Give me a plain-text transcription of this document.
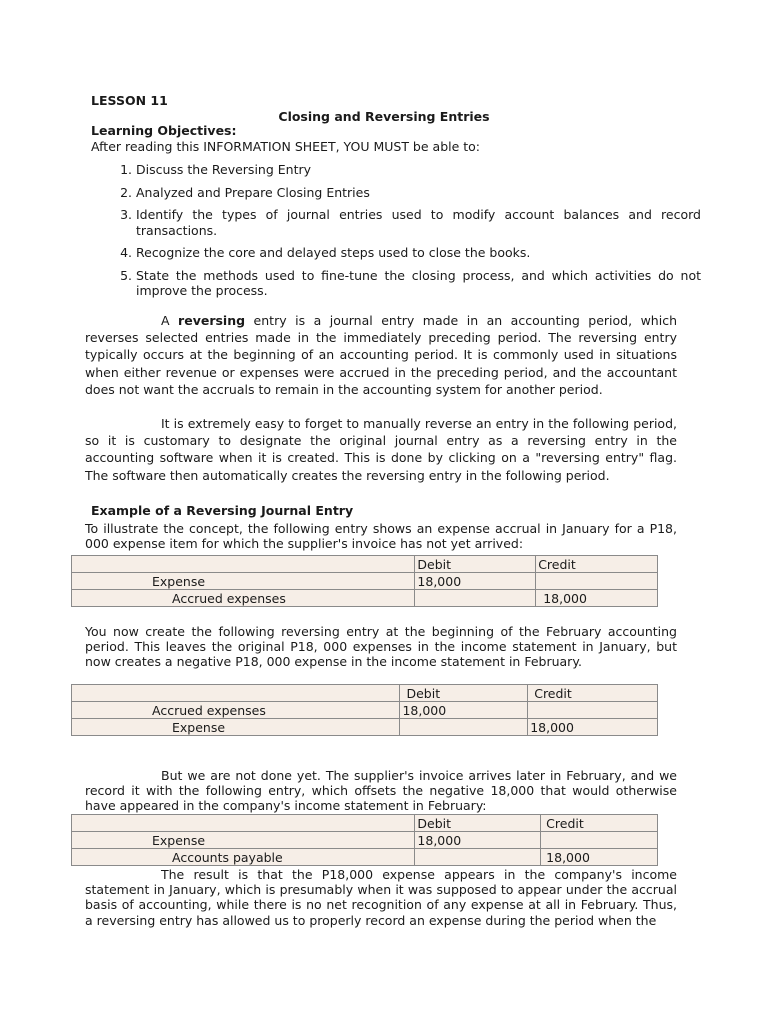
LESSON 11
Closing and Reversing Entries
Learning Objectives:
After reading this INFORMATION SHEET, YOU MUST be able to:
1. Discuss the Reversing Entry
2. Analyzed and Prepare Closing Entries
3. Identify the types of journal entries used to modify account balances and record transactions.
4. Recognize the core and delayed steps used to close the books.
5. State the methods used to fine-tune the closing process, and which activities do not improve the process.

A reversing entry is a journal entry made in an accounting period, which reverses selected entries made in the immediately preceding period. The reversing entry typically occurs at the beginning of an accounting period. It is commonly used in situations when either revenue or expenses were accrued in the preceding period, and the accountant does not want the accruals to remain in the accounting system for another period.

It is extremely easy to forget to manually reverse an entry in the following period, so it is customary to designate the original journal entry as a reversing entry in the accounting software when it is created. This is done by clicking on a "reversing entry" flag. The software then automatically creates the reversing entry in the following period.

Example of a Reversing Journal Entry

To illustrate the concept, the following entry shows an expense accrual in January for a P18, 000 expense item for which the supplier's invoice has not yet arrived:

	Debit	Credit
Expense	18,000	
Accrued expenses		18,000

You now create the following reversing entry at the beginning of the February accounting period. This leaves the original P18, 000 expenses in the income statement in January, but now creates a negative P18, 000 expense in the income statement in February.

	Debit	Credit
Accrued expenses	18,000	
Expense		18,000

But we are not done yet. The supplier's invoice arrives later in February, and we record it with the following entry, which offsets the negative 18,000 that would otherwise have appeared in the company's income statement in February:

	Debit	Credit
Expense	18,000	
Accounts payable		18,000

The result is that the P18,000 expense appears in the company's income statement in January, which is presumably when it was supposed to appear under the accrual basis of accounting, while there is no net recognition of any expense at all in February. Thus, a reversing entry has allowed us to properly record an expense during the period when the
